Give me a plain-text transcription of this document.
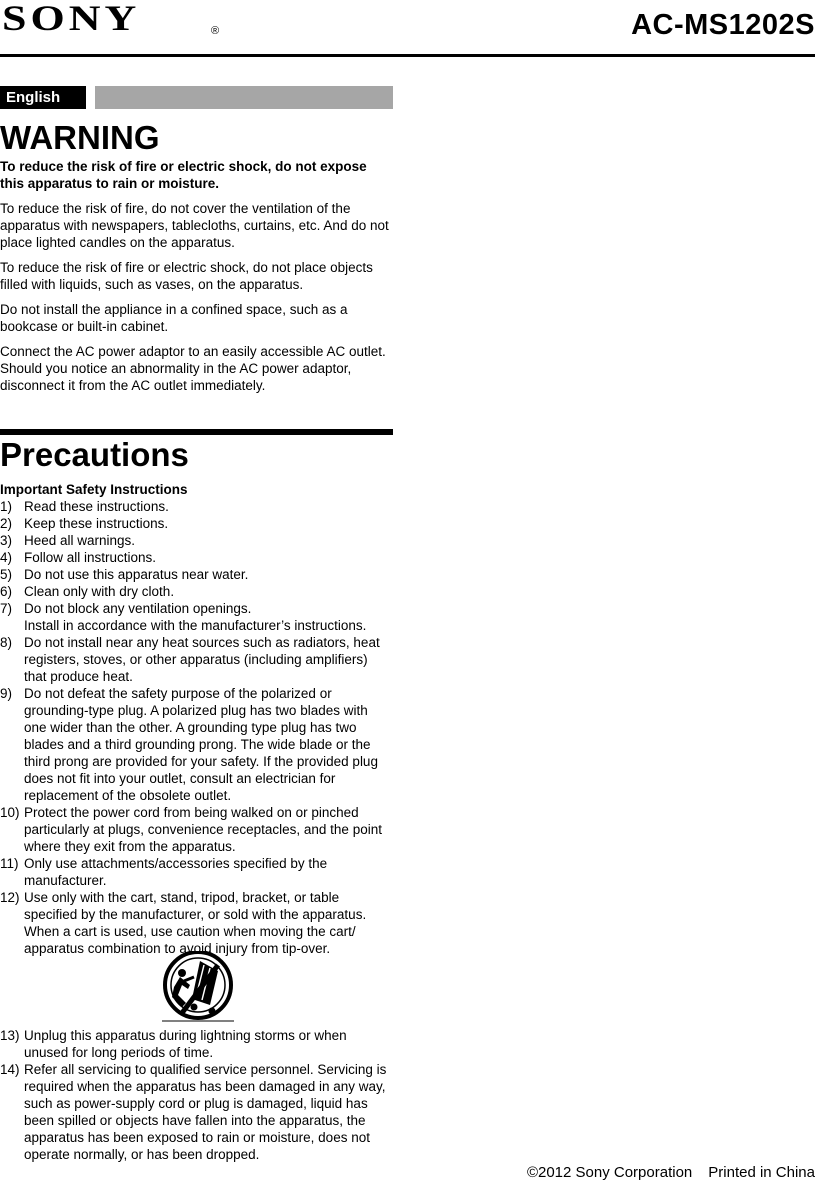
SONY	®	AC-MS1202S
English
WARNING

To reduce the risk of fire or electric shock, do not expose this apparatus to rain or moisture.

To reduce the risk of fire, do not cover the ventilation of the apparatus with newspapers, tablecloths, curtains, etc. And do not place lighted candles on the apparatus.

To reduce the risk of fire or electric shock, do not place objects filled with liquids, such as vases, on the apparatus.

Do not install the appliance in a confined space, such as a bookcase or built-in cabinet.

Connect the AC power adaptor to an easily accessible AC outlet. Should you notice an abnormality in the AC power adaptor, disconnect it from the AC outlet immediately.

Precautions
Important Safety Instructions
1) Read these instructions.
2) Keep these instructions.
3) Heed all warnings.
4) Follow all instructions.
5) Do not use this apparatus near water.
6) Clean only with dry cloth.
7) Do not block any ventilation openings.
Install in accordance with the manufacturer’s instructions.
8) Do not install near any heat sources such as radiators, heat registers, stoves, or other apparatus (including amplifiers) that produce heat.
9) Do not defeat the safety purpose of the polarized or grounding-type plug. A polarized plug has two blades with one wider than the other. A grounding type plug has two blades and a third grounding prong. The wide blade or the third prong are provided for your safety. If the provided plug does not fit into your outlet, consult an electrician for replacement of the obsolete outlet.
10) Protect the power cord from being walked on or pinched particularly at plugs, convenience receptacles, and the point where they exit from the apparatus.
11) Only use attachments/accessories specified by the manufacturer.
12) Use only with the cart, stand, tripod, bracket, or table specified by the manufacturer, or sold with the apparatus. When a cart is used, use caution when moving the cart/ apparatus combination to avoid injury from tip-over.
13) Unplug this apparatus during lightning storms or when unused for long periods of time.
14) Refer all servicing to qualified service personnel. Servicing is required when the apparatus has been damaged in any way, such as power-supply cord or plug is damaged, liquid has been spilled or objects have fallen into the apparatus, the apparatus has been exposed to rain or moisture, does not operate normally, or has been dropped.
©2012 Sony Corporation Printed in China
